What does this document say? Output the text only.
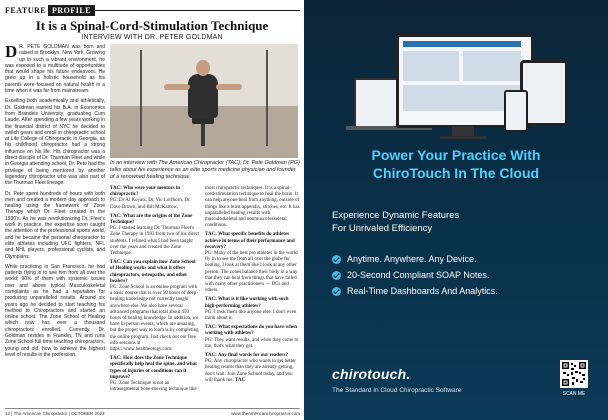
FEATURE PROFILE
It is a Spinal-Cord-Stimulation Technique
INTERVIEW WITH DR. PETER GOLDMAN

D R. PETE GOLDMAN was born and raised in Brooklyn, New York. Growing up in such a vibrant environment, he was exposed to a multitude of opportunities that would shape his future endeavors. He grew up in a holistic household as his parents were focused on natural health in a time when it was far from mainstream.

Excelling both academically and athletically, Dr. Goldman earned his B.A. in Economics from Brandeis University, graduating Cum Laude. After spending a few years working in the financial district of NYC he decided to switch gears and enroll in chiropractic school at Life College of Chiropractic in Georgia, as his childhood chiropractor had a strong influence on his life. His chiropractor was a direct disciple of Dr. Thurman Fleet and while in Georgia attending school, Dr. Pete had the privilege of being mentored by another legendary chiropractor who was also part of the Thurman Fleet lineage.

Dr. Pete spent hundreds of hours with both men and created a modern day approach to healing using the framework of Zone Therapy which Dr. Fleet created in the 1930's. As he was revolutionizing Dr. Fleet's work in practice, the expertise soon caught the attention of the professional sports world, and he became the personal chiropractor to elite athletes including UFC fighters, NFL and NHL players, professional cyclists, and Olympians.

While practicing in San Francisco, he had patients flying in to see him from all over the world; 90% of them with systemic issues over and above typical Musculoskeletal complaints as he had a reputation for producing unparalleled results. Around six years ago he decided to start teaching his method to Chiropractors and started an online school. The Zone School of Healing which now has over a thousand chiropractors enrolled. Currently, Dr. Goldman resides in Franklin, TN and runs Zone School full time teaching chiropractors, young and old, how to achieve the highest level of results in the profession.

In an interview with The American Chiropractor (TAC), Dr. Pete Goldman (PG) talks about his experience as an elite sports medicine physician and founder of a renowned healing technique.

TAC: Who were your mentors in chiropractic?
PG: Dr Al Koyats, Dr. Vic Lorfhorn, Dr. Dave Brown, and Bill McKarrow.

TAC: What are the origins of the Zone Technique?
PG: I started learning Dr. Thurman Fleet's Zone Therapy in 1993 from two of his direct students. I refined what I had been taught over the years and created the Zone Technique.

TAC: Can you explain how Zone School of Healing works and what it offers chiropractors, osteopaths, and other healers?
PG: Zone School is an online program with a basic course that is over 50 hours of deep-healing knowledge not currently taught anywhere else. We also have several advanced programs that total about 450 hours of healing knowledge. In addition, we have in-person events, which are amazing, but the proper way to learn is by completing the online program. Just check out our free info sessions at https://www.healtheology.com/

TAC: How does the Zone Technique specifically help heal the spine, and what types of injuries or conditions can it improve?
PG: Zone Technique is not an intrasegmental bone-moving technique like

most chiropractic techniques. It is a spinal-cord-stimulation technique to heal the brain. It can help anyone heal from anything, outside of things like a burst appendix, stitches, etc. It has unparalleled healing results with musculoskeletal and nonmusculoskeletal conditions.

TAC: What specific benefits do athletes achieve in terms of their performance and recovery?
PG: Many of the best pro athletes in the world fly in to see me from all over the globe for healing. I look at them like I look at any other person. The zones balance their body in a way that they can heal from things that have failed with many other practitioners — DCs and others.

TAC: What is it like working with such high-performing athletes?
PG: I treat them like anyone else. I don't even think about it.

TAC: What expectations do you have when working with athletes?
PG: They want results, and when they come to me, that's what they get.

TAC: Any final words for our readers?
PG: Any chiropractor who wants to get better healing results than they are already getting, don't wait. Join Zone School today, and you will thank me. TAC

12 | The American Chiropractor | OCTOBER 2023	www.theamericanchiropractor.com
Power Your Practice With
ChiroTouch In The Cloud
Experience Dynamic Features
For Unrivaled Efficiency
Anytime. Anywhere. Any Device.
20-Second Compliant SOAP Notes.
Real-Time Dashboards And Analytics.
chirotouch.
The Standard In Cloud Chiropractic Software	SCAN ME
